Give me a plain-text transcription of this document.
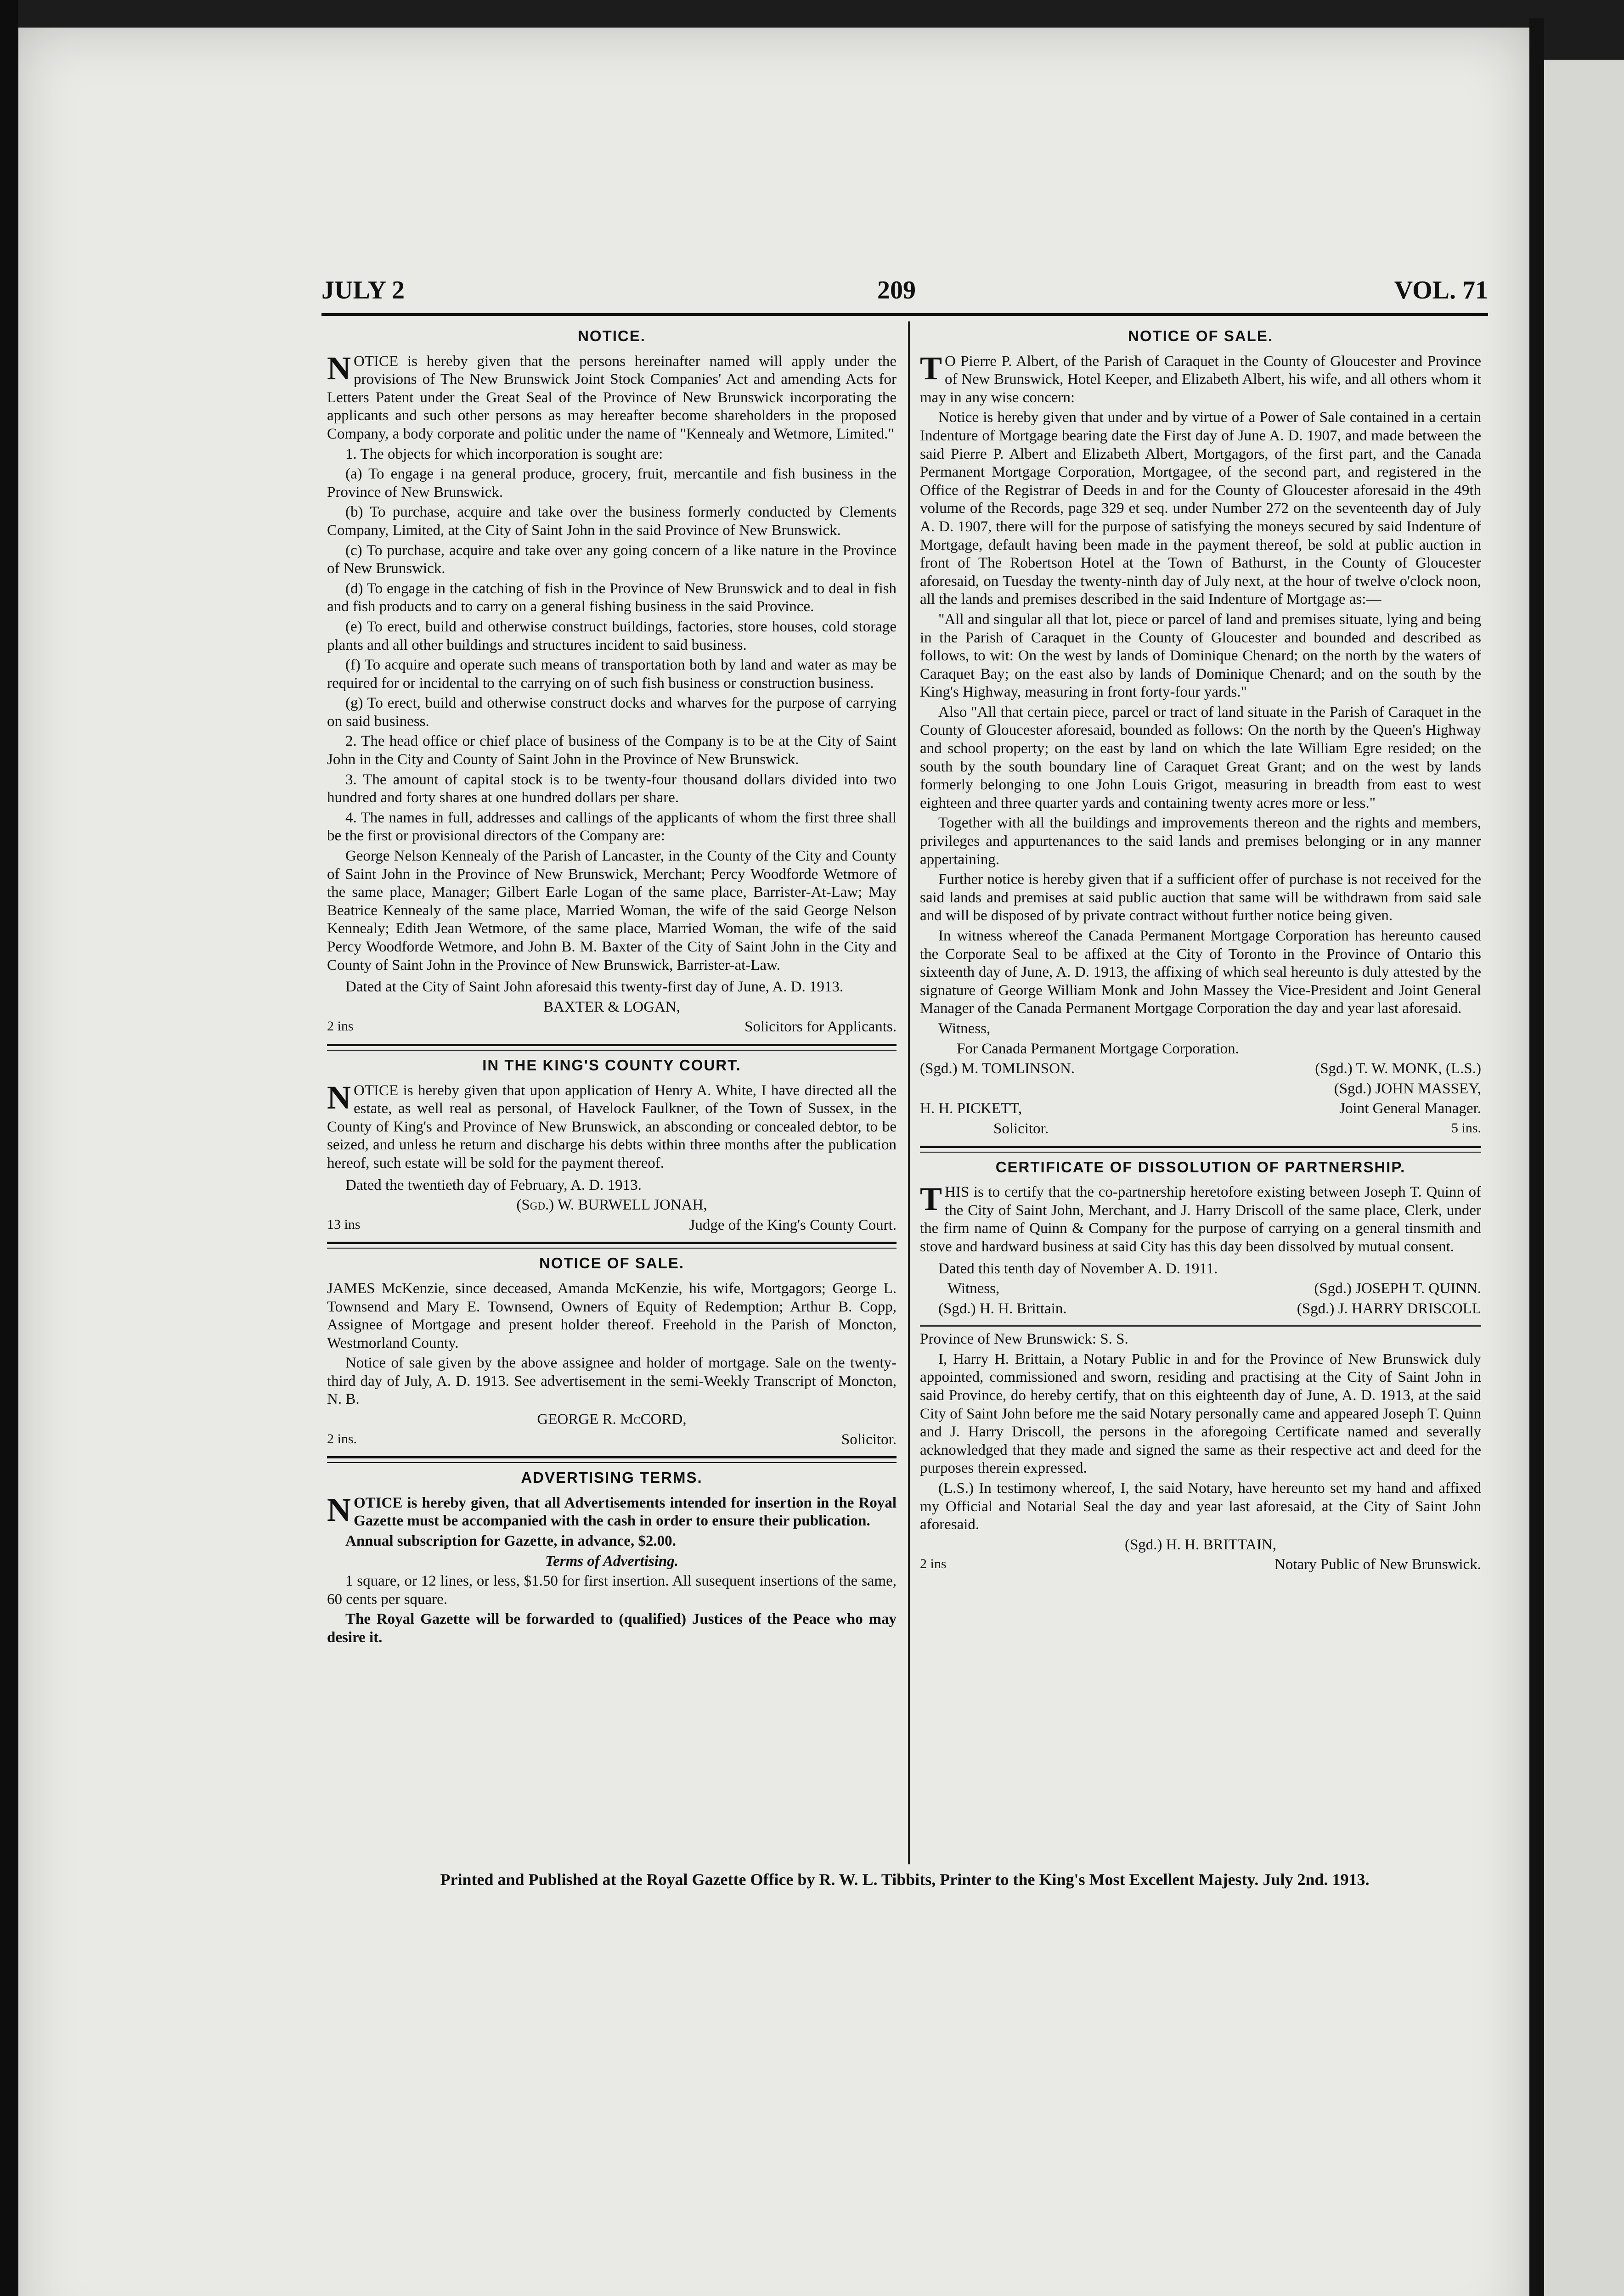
JULY 2	209	VOL. 71
NOTICE.

NOTICE is hereby given that the persons hereinafter named will apply under the provisions of The New Brunswick Joint Stock Companies' Act and amending Acts for Letters Patent under the Great Seal of the Province of New Brunswick incorporating the applicants and such other persons as may hereafter become shareholders in the proposed Company, a body corporate and politic under the name of "Kennealy and Wetmore, Limited."

1. The objects for which incorporation is sought are:

(a) To engage i na general produce, grocery, fruit, mercantile and fish business in the Province of New Brunswick.

(b) To purchase, acquire and take over the business formerly conducted by Clements Company, Limited, at the City of Saint John in the said Province of New Brunswick.

(c) To purchase, acquire and take over any going concern of a like nature in the Province of New Brunswick.

(d) To engage in the catching of fish in the Province of New Brunswick and to deal in fish and fish products and to carry on a general fishing business in the said Province.

(e) To erect, build and otherwise construct buildings, factories, store houses, cold storage plants and all other buildings and structures incident to said business.

(f) To acquire and operate such means of transportation both by land and water as may be required for or incidental to the carrying on of such fish business or construction business.

(g) To erect, build and otherwise construct docks and wharves for the purpose of carrying on said business.

2. The head office or chief place of business of the Company is to be at the City of Saint John in the City and County of Saint John in the Province of New Brunswick.

3. The amount of capital stock is to be twenty-four thousand dollars divided into two hundred and forty shares at one hundred dollars per share.

4. The names in full, addresses and callings of the applicants of whom the first three shall be the first or provisional directors of the Company are:

George Nelson Kennealy of the Parish of Lancaster, in the County of the City and County of Saint John in the Province of New Brunswick, Merchant; Percy Woodforde Wetmore of the same place, Manager; Gilbert Earle Logan of the same place, Barrister-At-Law; May Beatrice Kennealy of the same place, Married Woman, the wife of the said George Nelson Kennealy; Edith Jean Wetmore, of the same place, Married Woman, the wife of the said Percy Woodforde Wetmore, and John B. M. Baxter of the City of Saint John in the City and County of Saint John in the Province of New Brunswick, Barrister-at-Law.

Dated at the City of Saint John aforesaid this twenty-first day of June, A. D. 1913.

BAXTER & LOGAN,
2 ins	Solicitors for Applicants.
IN THE KING'S COUNTY COURT.

NOTICE is hereby given that upon application of Henry A. White, I have directed all the estate, as well real as personal, of Havelock Faulkner, of the Town of Sussex, in the County of King's and Province of New Brunswick, an absconding or concealed debtor, to be seized, and unless he return and discharge his debts within three months after the publication hereof, such estate will be sold for the payment thereof.

Dated the twentieth day of February, A. D. 1913.

(Sgd.) W. BURWELL JONAH,
13 ins	Judge of the King's County Court.
NOTICE OF SALE.

JAMES McKenzie, since deceased, Amanda McKenzie, his wife, Mortgagors; George L. Townsend and Mary E. Townsend, Owners of Equity of Redemption; Arthur B. Copp, Assignee of Mortgage and present holder thereof. Freehold in the Parish of Moncton, Westmorland County.

Notice of sale given by the above assignee and holder of mortgage. Sale on the twenty-third day of July, A. D. 1913. See advertisement in the semi-Weekly Transcript of Moncton, N. B.

GEORGE R. McCORD,
2 ins.	Solicitor.
ADVERTISING TERMS.

NOTICE is hereby given, that all Advertisements intended for insertion in the Royal Gazette must be accompanied with the cash in order to ensure their publication.

Annual subscription for Gazette, in advance, $2.00.

Terms of Advertising.

1 square, or 12 lines, or less, $1.50 for first insertion. All susequent insertions of the same, 60 cents per square.

The Royal Gazette will be forwarded to (qualified) Justices of the Peace who may desire it.

NOTICE OF SALE.

T O Pierre P. Albert, of the Parish of Caraquet in the County of Gloucester and Province of New Brunswick, Hotel Keeper, and Elizabeth Albert, his wife, and all others whom it may in any wise concern:

Notice is hereby given that under and by virtue of a Power of Sale contained in a certain Indenture of Mortgage bearing date the First day of June A. D. 1907, and made between the said Pierre P. Albert and Elizabeth Albert, Mortgagors, of the first part, and the Canada Permanent Mortgage Corporation, Mortgagee, of the second part, and registered in the Office of the Registrar of Deeds in and for the County of Gloucester aforesaid in the 49th volume of the Records, page 329 et seq. under Number 272 on the seventeenth day of July A. D. 1907, there will for the purpose of satisfying the moneys secured by said Indenture of Mortgage, default having been made in the payment thereof, be sold at public auction in front of The Robertson Hotel at the Town of Bathurst, in the County of Gloucester aforesaid, on Tuesday the twenty-ninth day of July next, at the hour of twelve o'clock noon, all the lands and premises described in the said Indenture of Mortgage as:—

"All and singular all that lot, piece or parcel of land and premises situate, lying and being in the Parish of Caraquet in the County of Gloucester and bounded and described as follows, to wit: On the west by lands of Dominique Chenard; on the north by the waters of Caraquet Bay; on the east also by lands of Dominique Chenard; and on the south by the King's Highway, measuring in front forty-four yards."

Also "All that certain piece, parcel or tract of land situate in the Parish of Caraquet in the County of Gloucester aforesaid, bounded as follows: On the north by the Queen's Highway and school property; on the east by land on which the late William Egre resided; on the south by the south boundary line of Caraquet Great Grant; and on the west by lands formerly belonging to one John Louis Grigot, measuring in breadth from east to west eighteen and three quarter yards and containing twenty acres more or less."

Together with all the buildings and improvements thereon and the rights and members, privileges and appurtenances to the said lands and premises belonging or in any manner appertaining.

Further notice is hereby given that if a sufficient offer of purchase is not received for the said lands and premises at said public auction that same will be withdrawn from said sale and will be disposed of by private contract without further notice being given.

In witness whereof the Canada Permanent Mortgage Corporation has hereunto caused the Corporate Seal to be affixed at the City of Toronto in the Province of Ontario this sixteenth day of June, A. D. 1913, the affixing of which seal hereunto is duly attested by the signature of George William Monk and John Massey the Vice-President and Joint General Manager of the Canada Permanent Mortgage Corporation the day and year last aforesaid.

Witness,

For Canada Permanent Mortgage Corporation.

(Sgd.) M. TOMLINSON.	(Sgd.) T. W. MONK, (L.S.)
(Sgd.) JOHN MASSEY,
H. H. PICKETT,	Joint General Manager.
Solicitor.	5 ins.
CERTIFICATE OF DISSOLUTION OF PARTNERSHIP.

THIS is to certify that the co-partnership heretofore existing between Joseph T. Quinn of the City of Saint John, Merchant, and J. Harry Driscoll of the same place, Clerk, under the firm name of Quinn & Company for the purpose of carrying on a general tinsmith and stove and hardward business at said City has this day been dissolved by mutual consent.

Dated this tenth day of November A. D. 1911.

Witness,	(Sgd.) JOSEPH T. QUINN.
(Sgd.) H. H. Brittain.	(Sgd.) J. HARRY DRISCOLL

Province of New Brunswick: S. S.

I, Harry H. Brittain, a Notary Public in and for the Province of New Brunswick duly appointed, commissioned and sworn, residing and practising at the City of Saint John in said Province, do hereby certify, that on this eighteenth day of June, A. D. 1913, at the said City of Saint John before me the said Notary personally came and appeared Joseph T. Quinn and J. Harry Driscoll, the persons in the aforegoing Certificate named and severally acknowledged that they made and signed the same as their respective act and deed for the purposes therein expressed.

(L.S.) In testimony whereof, I, the said Notary, have hereunto set my hand and affixed my Official and Notarial Seal the day and year last aforesaid, at the City of Saint John aforesaid.

(Sgd.) H. H. BRITTAIN,
2 ins	Notary Public of New Brunswick.
Printed and Published at the Royal Gazette Office by R. W. L. Tibbits, Printer to the King's Most Excellent Majesty. July 2nd. 1913.
